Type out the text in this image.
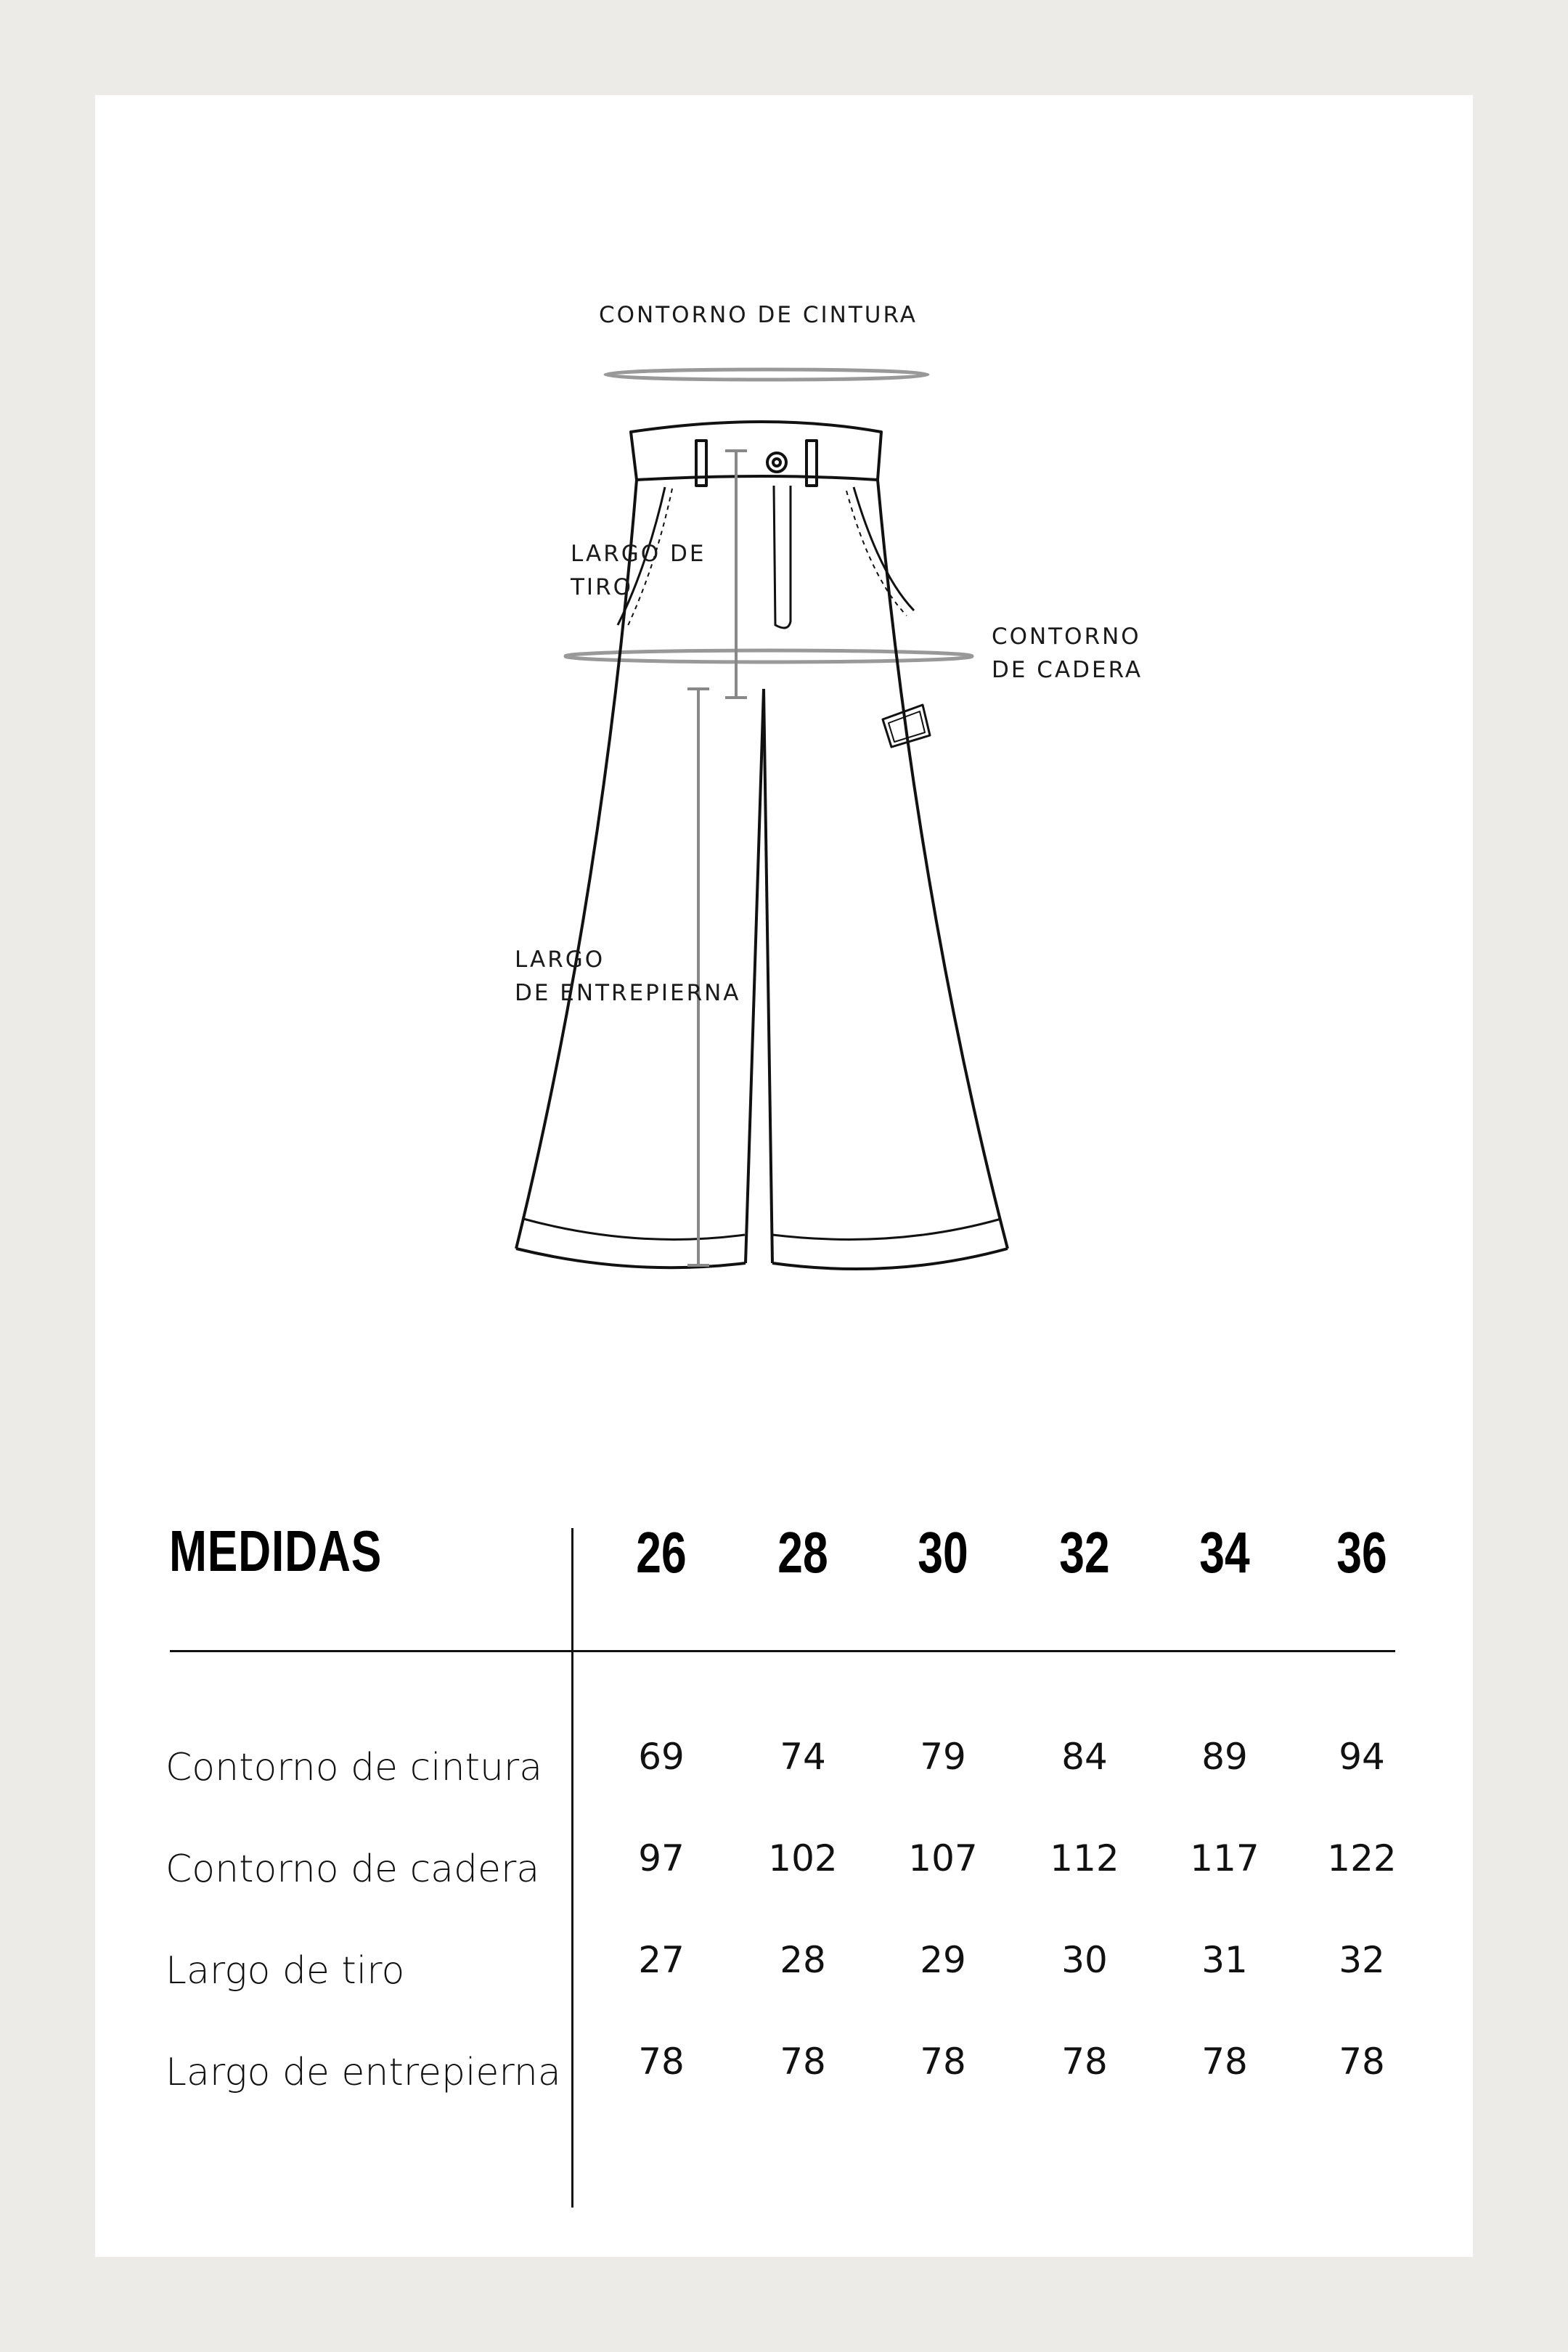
CONTORNO DE CINTURA
LARGO DE
TIRO
CONTORNO
DE CADERA
LARGO
DE ENTREPIERNA
MEDIDAS	26 28 30 32 34 36
Contorno de cintura	69	74	79	84	89	94
Contorno de cadera	97	102	107	112	117	122
Largo de tiro	27	28	29	30	31	32
Largo de entrepierna	78	78	78	78	78	78
